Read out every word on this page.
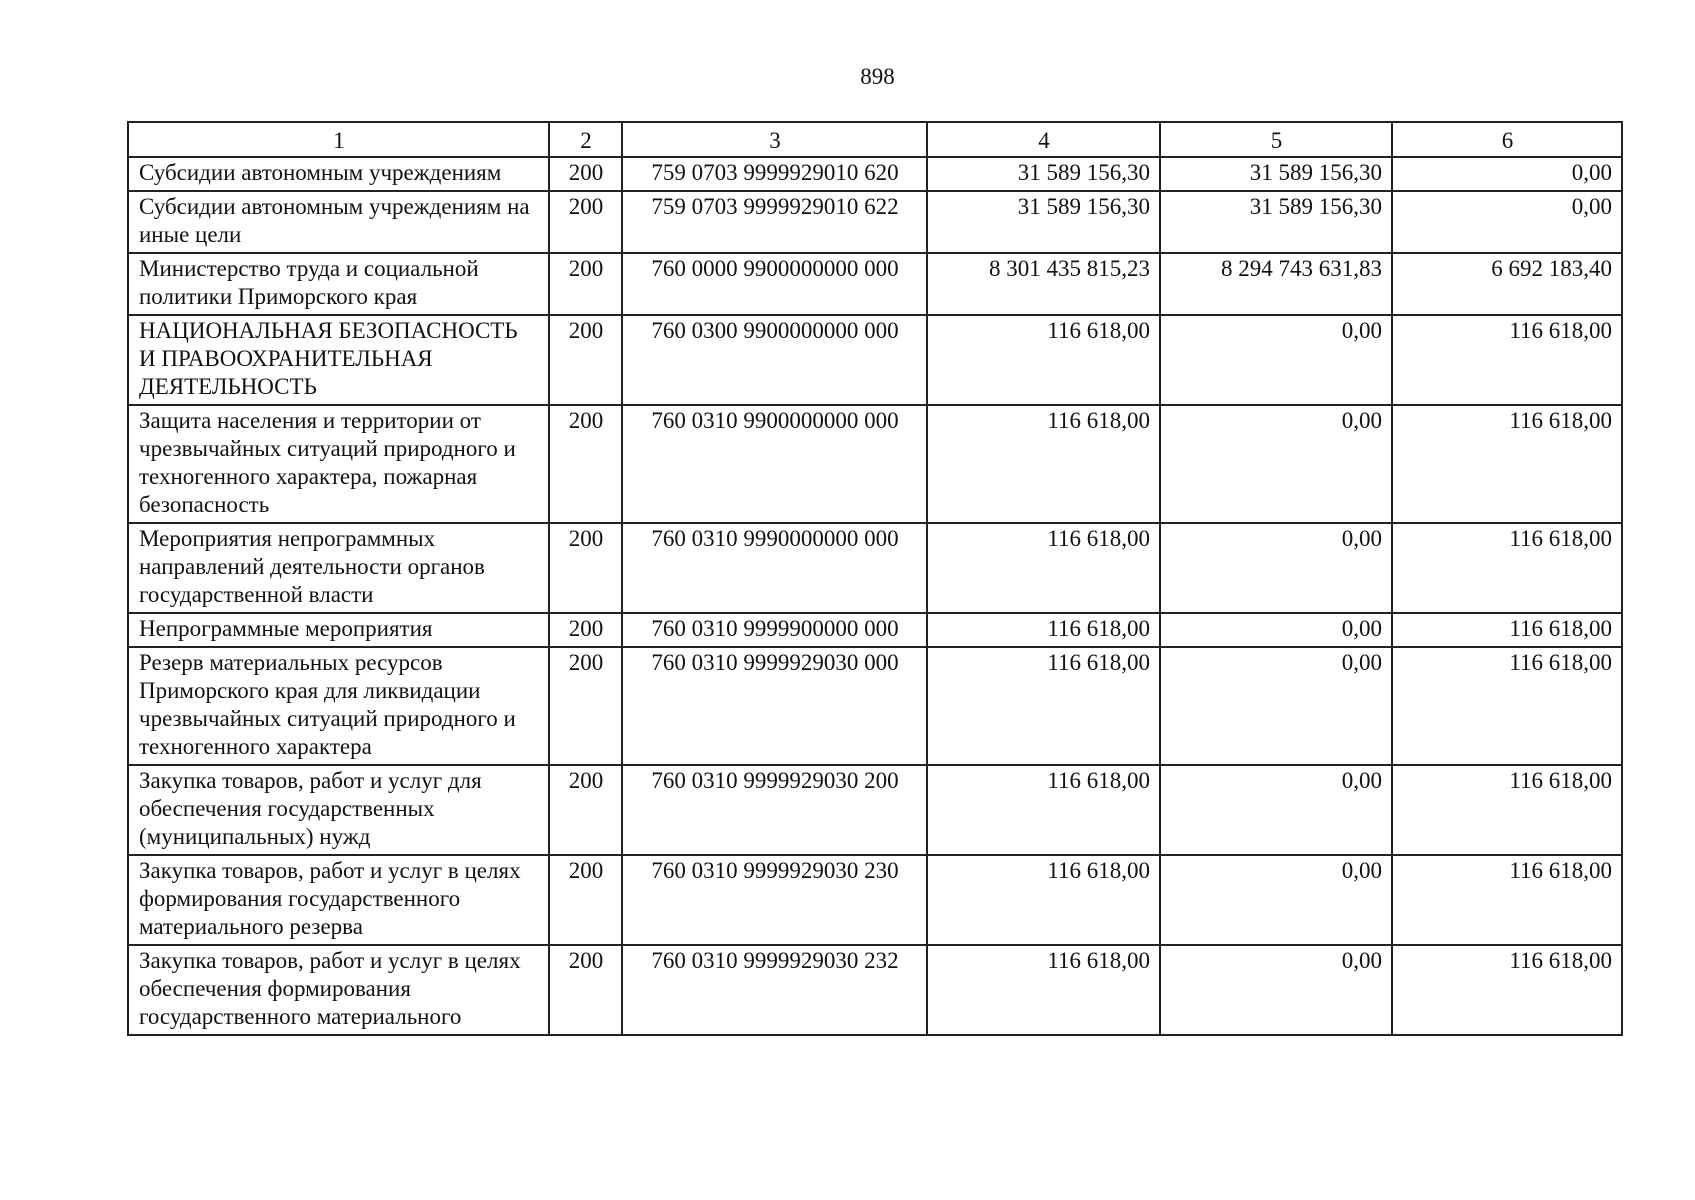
898
1	2	3	4	5	6
Субсидии автономным учреждениям	200	759 0703 9999929010 620	31 589 156,30	31 589 156,30	0,00
Субсидии автономным учреждениям на иные цели	200	759 0703 9999929010 622	31 589 156,30	31 589 156,30	0,00
Министерство труда и социальной политики Приморского края	200	760 0000 9900000000 000	8 301 435 815,23	8 294 743 631,83	6 692 183,40
НАЦИОНАЛЬНАЯ БЕЗОПАСНОСТЬ И ПРАВООХРАНИТЕЛЬНАЯ ДЕЯТЕЛЬНОСТЬ	200	760 0300 9900000000 000	116 618,00	0,00	116 618,00
Защита населения и территории от чрезвычайных ситуаций природного и техногенного характера, пожарная безопасность	200	760 0310 9900000000 000	116 618,00	0,00	116 618,00
Мероприятия непрограммных направлений деятельности органов государственной власти	200	760 0310 9990000000 000	116 618,00	0,00	116 618,00
Непрограммные мероприятия	200	760 0310 9999900000 000	116 618,00	0,00	116 618,00
Резерв материальных ресурсов Приморского края для ликвидации чрезвычайных ситуаций природного и техногенного характера	200	760 0310 9999929030 000	116 618,00	0,00	116 618,00
Закупка товаров, работ и услуг для обеспечения государственных (муниципальных) нужд	200	760 0310 9999929030 200	116 618,00	0,00	116 618,00
Закупка товаров, работ и услуг в целях формирования государственного материального резерва	200	760 0310 9999929030 230	116 618,00	0,00	116 618,00
Закупка товаров, работ и услуг в целях обеспечения формирования государственного материального	200	760 0310 9999929030 232	116 618,00	0,00	116 618,00
